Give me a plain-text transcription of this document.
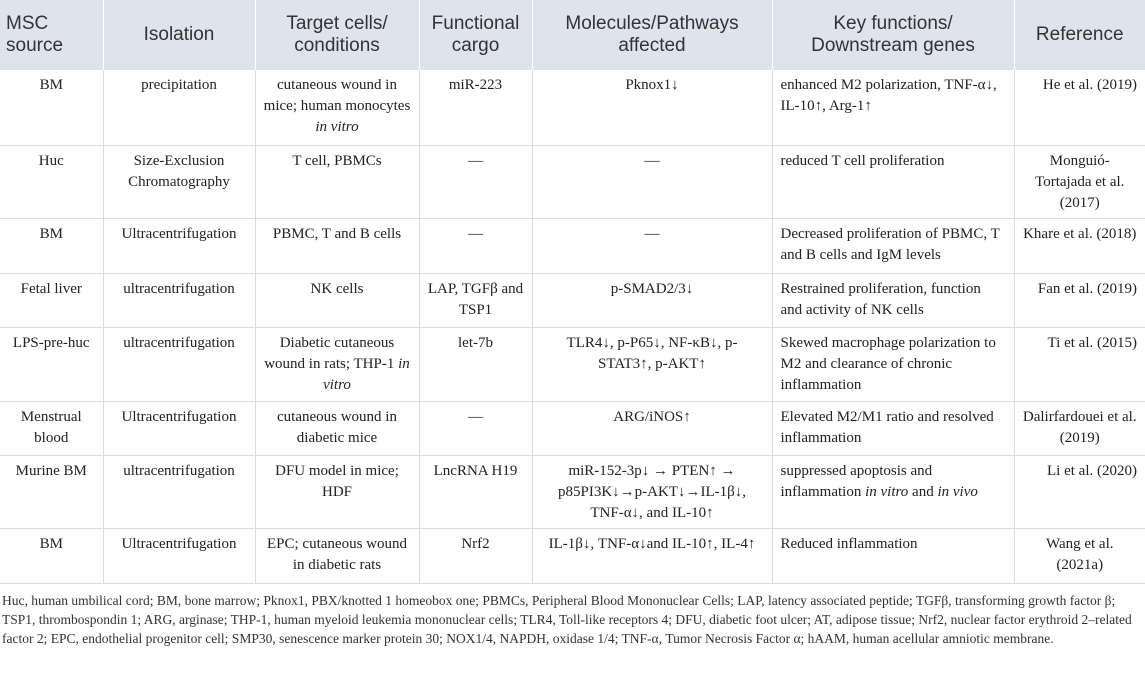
MSC source	Isolation	Target cells/ conditions	Functional cargo	Molecules/Pathways affected	Key functions/ Downstream genes	Reference
BM	precipitation	cutaneous wound in mice; human monocytes in vitro	miR-223	Pknox1↓	enhanced M2 polarization, TNF-α↓, IL-10↑, Arg-1↑	He et al. (2019)
Huc	Size-Exclusion Chromatography	T cell, PBMCs	—	—	reduced T cell proliferation	Monguió-Tortajada et al. (2017)
BM	Ultracentrifugation	PBMC, T and B cells	—	—	Decreased proliferation of PBMC, T and B cells and IgM levels	Khare et al. (2018)
Fetal liver	ultracentrifugation	NK cells	LAP, TGFβ and TSP1	p-SMAD2/3↓	Restrained proliferation, function and activity of NK cells	Fan et al. (2019)
LPS-pre-huc	ultracentrifugation	Diabetic cutaneous wound in rats; THP-1 in vitro	let-7b	TLR4↓, p-P65↓, NF-κB↓, p-STAT3↑, p-AKT↑	Skewed macrophage polarization to M2 and clearance of chronic inflammation	Ti et al. (2015)
Menstrual blood	Ultracentrifugation	cutaneous wound in diabetic mice	—	ARG/iNOS↑	Elevated M2/M1 ratio and resolved inflammation	Dalirfardouei et al. (2019)
Murine BM	ultracentrifugation	DFU model in mice; HDF	LncRNA H19	miR-152-3p↓ → PTEN↑ → p85PI3K↓→p-AKT↓→IL-1β↓, TNF-α↓, and IL-10↑	suppressed apoptosis and inflammation in vitro and in vivo	Li et al. (2020)
BM	Ultracentrifugation	EPC; cutaneous wound in diabetic rats	Nrf2	IL-1β↓, TNF-α↓and IL-10↑, IL-4↑	Reduced inflammation	Wang et al. (2021a)
Huc, human umbilical cord; BM, bone marrow; Pknox1, PBX/knotted 1 homeobox one; PBMCs, Peripheral Blood Mononuclear Cells; LAP, latency associated peptide; TGFβ, transforming growth factor β; TSP1, thrombospondin 1; ARG, arginase; THP-1, human myeloid leukemia mononuclear cells; TLR4, Toll-like receptors 4; DFU, diabetic foot ulcer; AT, adipose tissue; Nrf2, nuclear factor erythroid 2–related factor 2; EPC, endothelial progenitor cell; SMP30, senescence marker protein 30; NOX1/4, NAPDH, oxidase 1/4; TNF-α, Tumor Necrosis Factor α; hAAM, human acellular amniotic membrane.
